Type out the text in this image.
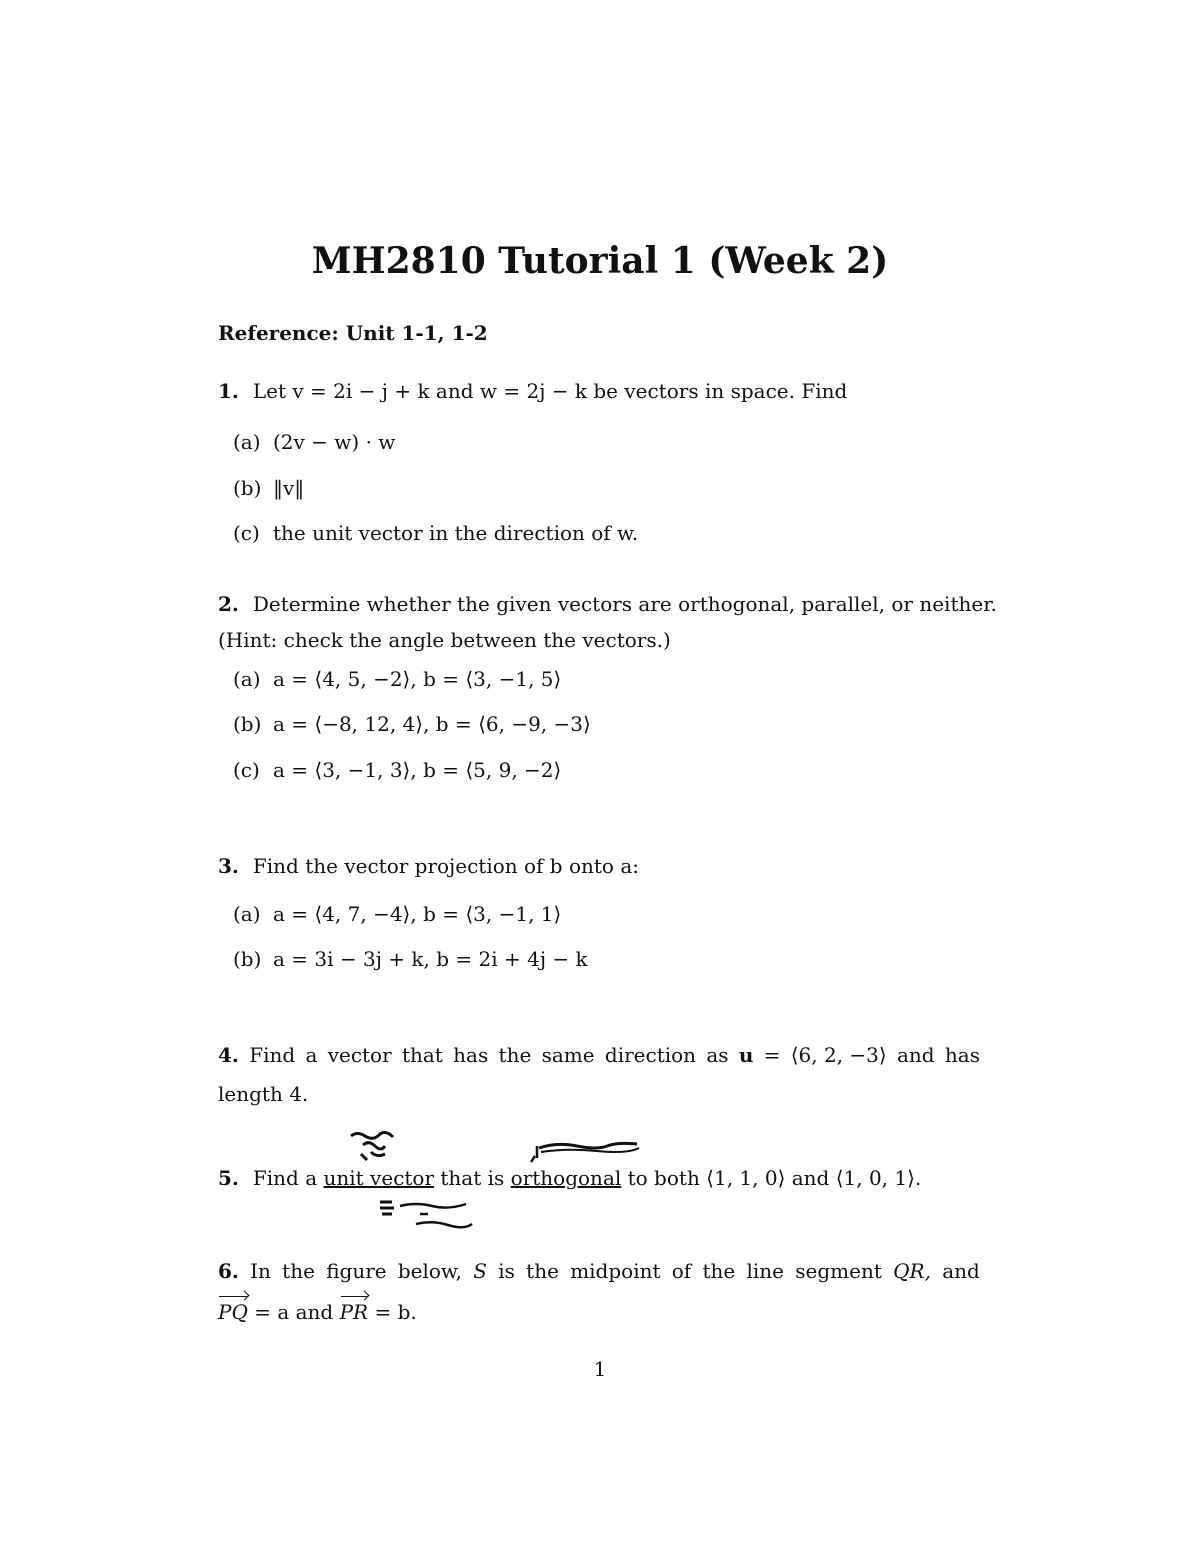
MH2810 Tutorial 1 (Week 2)
Reference: Unit 1-1, 1-2
1. Let v = 2i − j + k and w = 2j − k be vectors in space. Find
(a) (2v − w) · w
(b) ‖v‖
(c) the unit vector in the direction of w.
2. Determine whether the given vectors are orthogonal, parallel, or neither.
(Hint: check the angle between the vectors.)
(a) a = ⟨4, 5, −2⟩, b = ⟨3, −1, 5⟩
(b) a = ⟨−8, 12, 4⟩, b = ⟨6, −9, −3⟩
(c) a = ⟨3, −1, 3⟩, b = ⟨5, 9, −2⟩
3. Find the vector projection of b onto a:
(a) a = ⟨4, 7, −4⟩, b = ⟨3, −1, 1⟩
(b) a = 3i − 3j + k, b = 2i + 4j − k
4. Find a vector that has the same direction as u = ⟨6, 2, −3⟩ and has
length 4.
5. Find a unit vector that is orthogonal to both ⟨1, 1, 0⟩ and ⟨1, 0, 1⟩.
6. In the figure below, S is the midpoint of the line segment QR, and
PQ = a and PR = b.
1
